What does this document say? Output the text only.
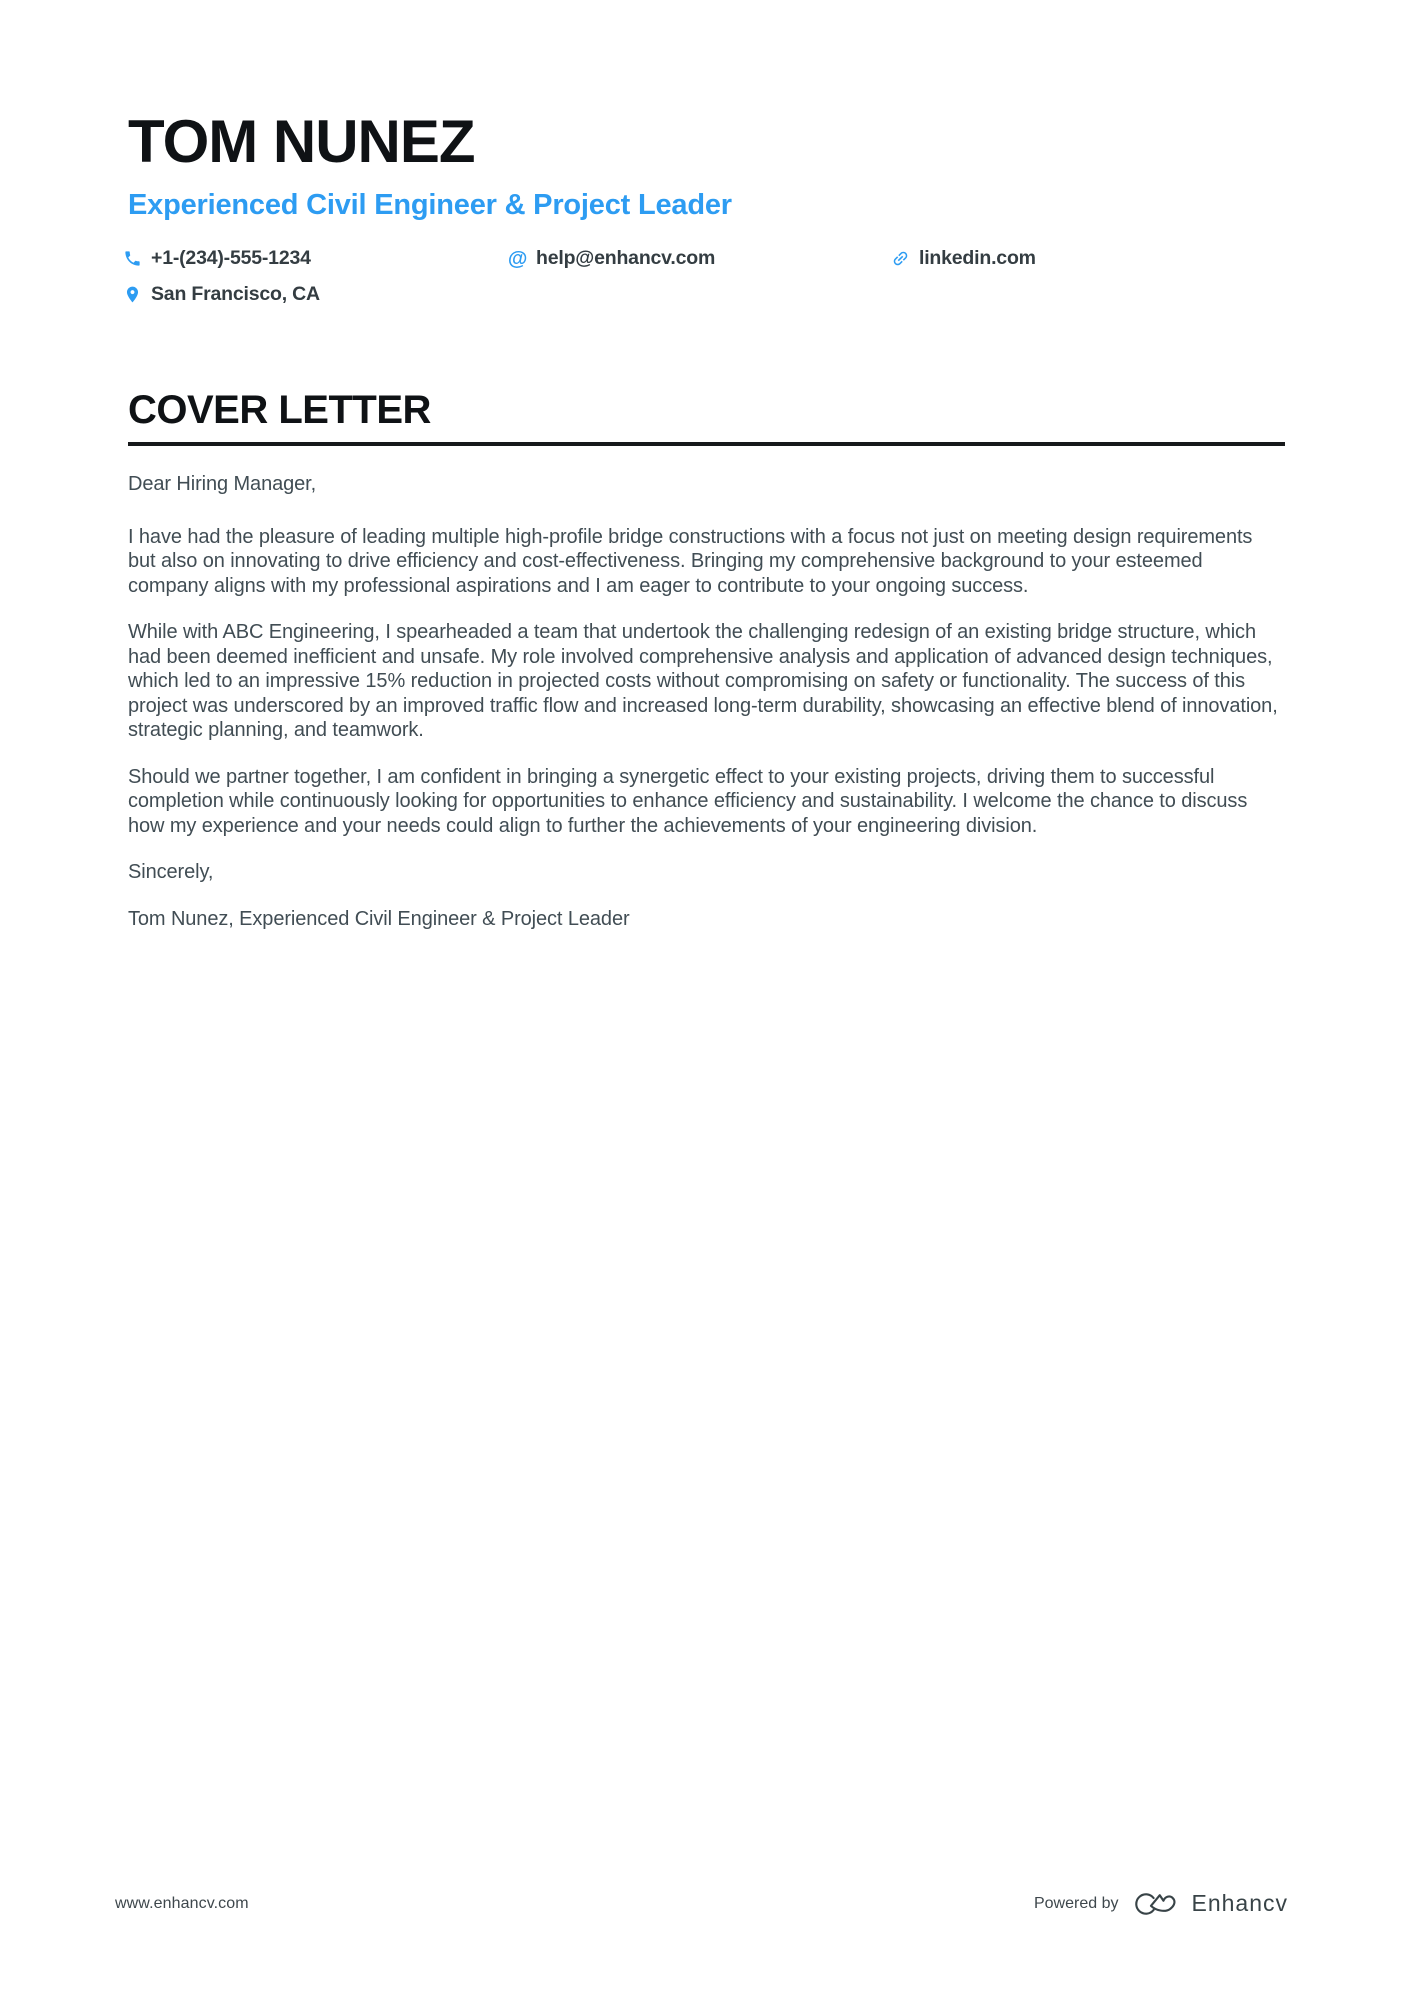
TOM NUNEZ
Experienced Civil Engineer & Project Leader
+1-(234)-555-1234	@ help@enhancv.com	linkedin.com
San Francisco, CA
COVER LETTER

Dear Hiring Manager,

I have had the pleasure of leading multiple high-profile bridge constructions with a focus not just on meeting design requirements but also on innovating to drive efficiency and cost-effectiveness. Bringing my comprehensive background to your esteemed company aligns with my professional aspirations and I am eager to contribute to your ongoing success.

While with ABC Engineering, I spearheaded a team that undertook the challenging redesign of an existing bridge structure, which had been deemed inefficient and unsafe. My role involved comprehensive analysis and application of advanced design techniques, which led to an impressive 15% reduction in projected costs without compromising on safety or functionality. The success of this project was underscored by an improved traffic flow and increased long-term durability, showcasing an effective blend of innovation, strategic planning, and teamwork.

Should we partner together, I am confident in bringing a synergetic effect to your existing projects, driving them to successful completion while continuously looking for opportunities to enhance efficiency and sustainability. I welcome the chance to discuss how my experience and your needs could align to further the achievements of your engineering division.

Sincerely,

Tom Nunez, Experienced Civil Engineer & Project Leader

www.enhancv.com	Powered by	Enhancv
